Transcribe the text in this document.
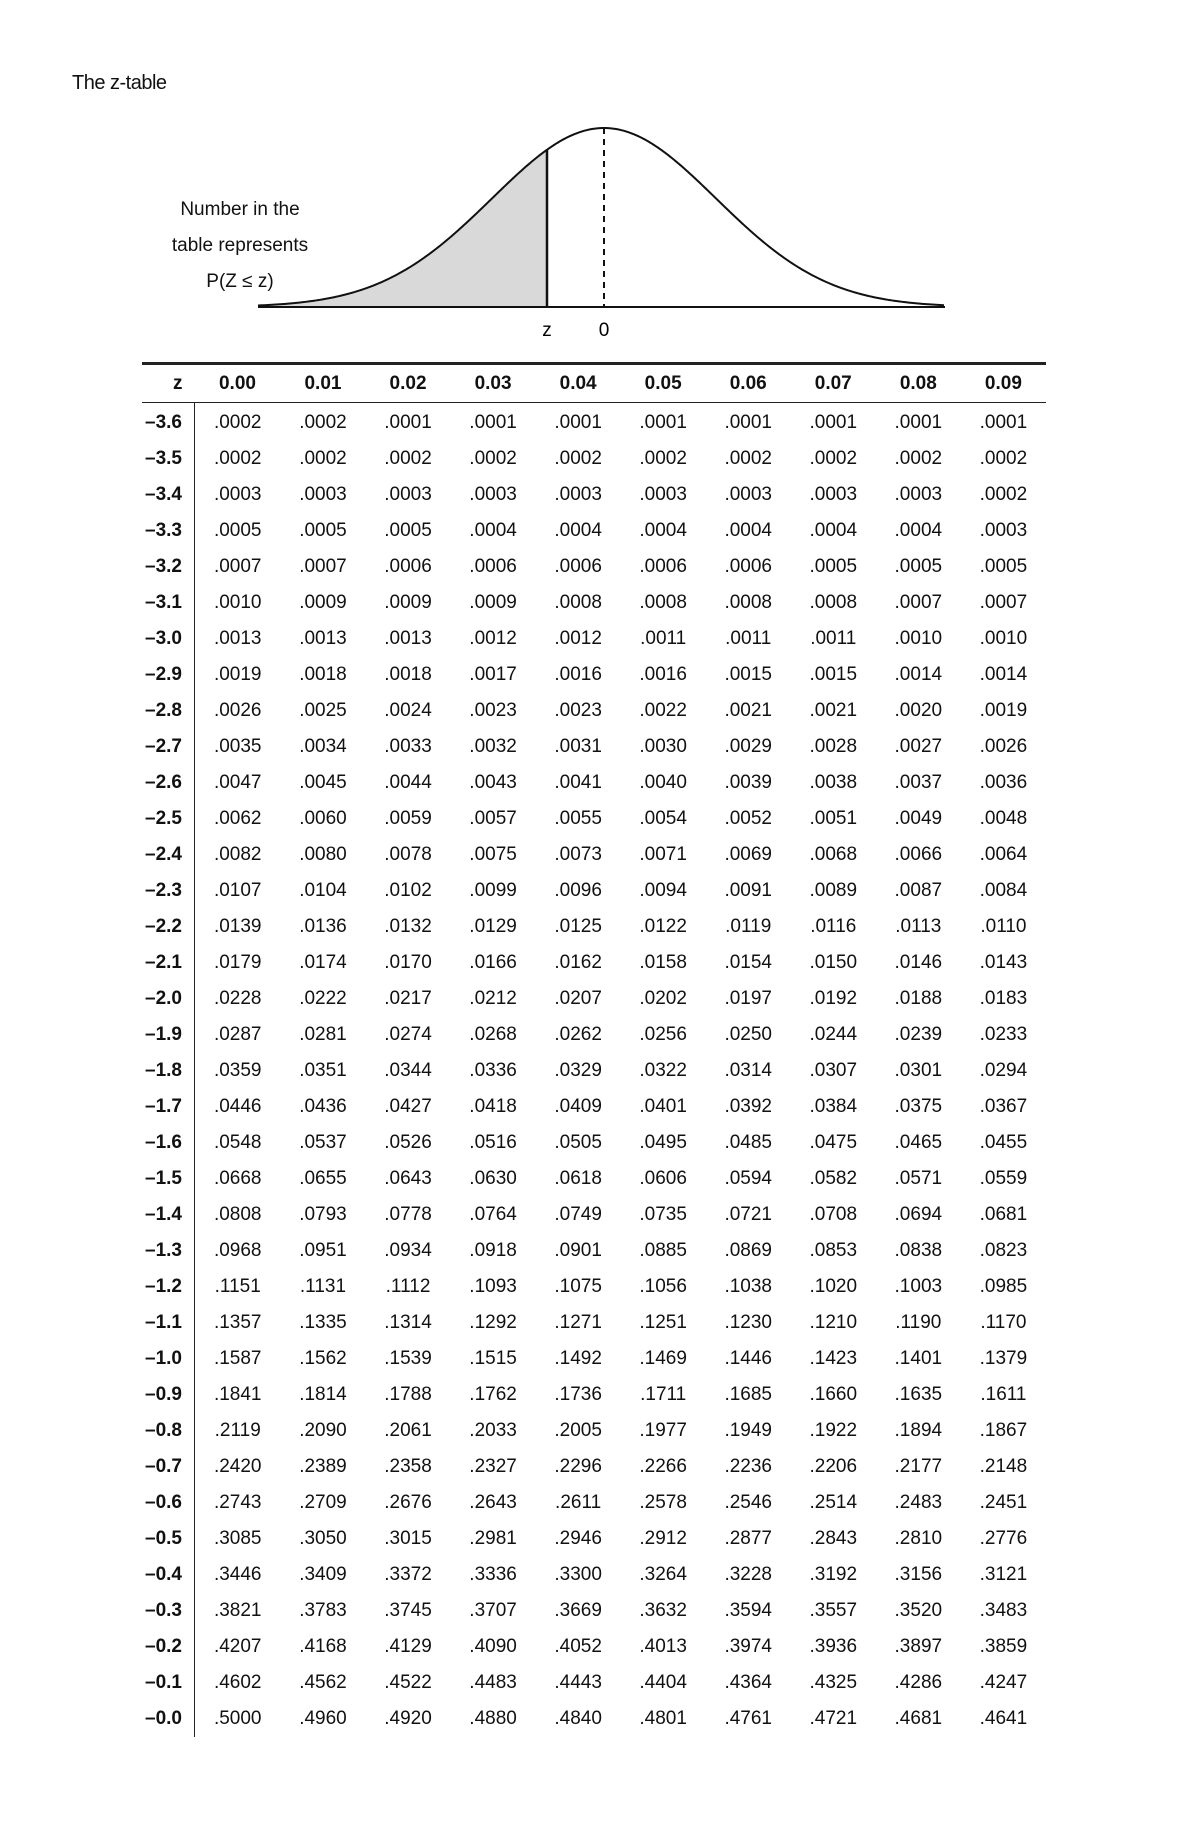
The z-table
z 0
Number in the
table represents
P(Z ≤ z)
z	0.00	0.01	0.02	0.03	0.04	0.05	0.06	0.07	0.08	0.09
–3.6	.0002	.0002	.0001	.0001	.0001	.0001	.0001	.0001	.0001	.0001
–3.5	.0002	.0002	.0002	.0002	.0002	.0002	.0002	.0002	.0002	.0002
–3.4	.0003	.0003	.0003	.0003	.0003	.0003	.0003	.0003	.0003	.0002
–3.3	.0005	.0005	.0005	.0004	.0004	.0004	.0004	.0004	.0004	.0003
–3.2	.0007	.0007	.0006	.0006	.0006	.0006	.0006	.0005	.0005	.0005
–3.1	.0010	.0009	.0009	.0009	.0008	.0008	.0008	.0008	.0007	.0007
–3.0	.0013	.0013	.0013	.0012	.0012	.0011	.0011	.0011	.0010	.0010
–2.9	.0019	.0018	.0018	.0017	.0016	.0016	.0015	.0015	.0014	.0014
–2.8	.0026	.0025	.0024	.0023	.0023	.0022	.0021	.0021	.0020	.0019
–2.7	.0035	.0034	.0033	.0032	.0031	.0030	.0029	.0028	.0027	.0026
–2.6	.0047	.0045	.0044	.0043	.0041	.0040	.0039	.0038	.0037	.0036
–2.5	.0062	.0060	.0059	.0057	.0055	.0054	.0052	.0051	.0049	.0048
–2.4	.0082	.0080	.0078	.0075	.0073	.0071	.0069	.0068	.0066	.0064
–2.3	.0107	.0104	.0102	.0099	.0096	.0094	.0091	.0089	.0087	.0084
–2.2	.0139	.0136	.0132	.0129	.0125	.0122	.0119	.0116	.0113	.0110
–2.1	.0179	.0174	.0170	.0166	.0162	.0158	.0154	.0150	.0146	.0143
–2.0	.0228	.0222	.0217	.0212	.0207	.0202	.0197	.0192	.0188	.0183
–1.9	.0287	.0281	.0274	.0268	.0262	.0256	.0250	.0244	.0239	.0233
–1.8	.0359	.0351	.0344	.0336	.0329	.0322	.0314	.0307	.0301	.0294
–1.7	.0446	.0436	.0427	.0418	.0409	.0401	.0392	.0384	.0375	.0367
–1.6	.0548	.0537	.0526	.0516	.0505	.0495	.0485	.0475	.0465	.0455
–1.5	.0668	.0655	.0643	.0630	.0618	.0606	.0594	.0582	.0571	.0559
–1.4	.0808	.0793	.0778	.0764	.0749	.0735	.0721	.0708	.0694	.0681
–1.3	.0968	.0951	.0934	.0918	.0901	.0885	.0869	.0853	.0838	.0823
–1.2	.1151	.1131	.1112	.1093	.1075	.1056	.1038	.1020	.1003	.0985
–1.1	.1357	.1335	.1314	.1292	.1271	.1251	.1230	.1210	.1190	.1170
–1.0	.1587	.1562	.1539	.1515	.1492	.1469	.1446	.1423	.1401	.1379
–0.9	.1841	.1814	.1788	.1762	.1736	.1711	.1685	.1660	.1635	.1611
–0.8	.2119	.2090	.2061	.2033	.2005	.1977	.1949	.1922	.1894	.1867
–0.7	.2420	.2389	.2358	.2327	.2296	.2266	.2236	.2206	.2177	.2148
–0.6	.2743	.2709	.2676	.2643	.2611	.2578	.2546	.2514	.2483	.2451
–0.5	.3085	.3050	.3015	.2981	.2946	.2912	.2877	.2843	.2810	.2776
–0.4	.3446	.3409	.3372	.3336	.3300	.3264	.3228	.3192	.3156	.3121
–0.3	.3821	.3783	.3745	.3707	.3669	.3632	.3594	.3557	.3520	.3483
–0.2	.4207	.4168	.4129	.4090	.4052	.4013	.3974	.3936	.3897	.3859
–0.1	.4602	.4562	.4522	.4483	.4443	.4404	.4364	.4325	.4286	.4247
–0.0	.5000	.4960	.4920	.4880	.4840	.4801	.4761	.4721	.4681	.4641
